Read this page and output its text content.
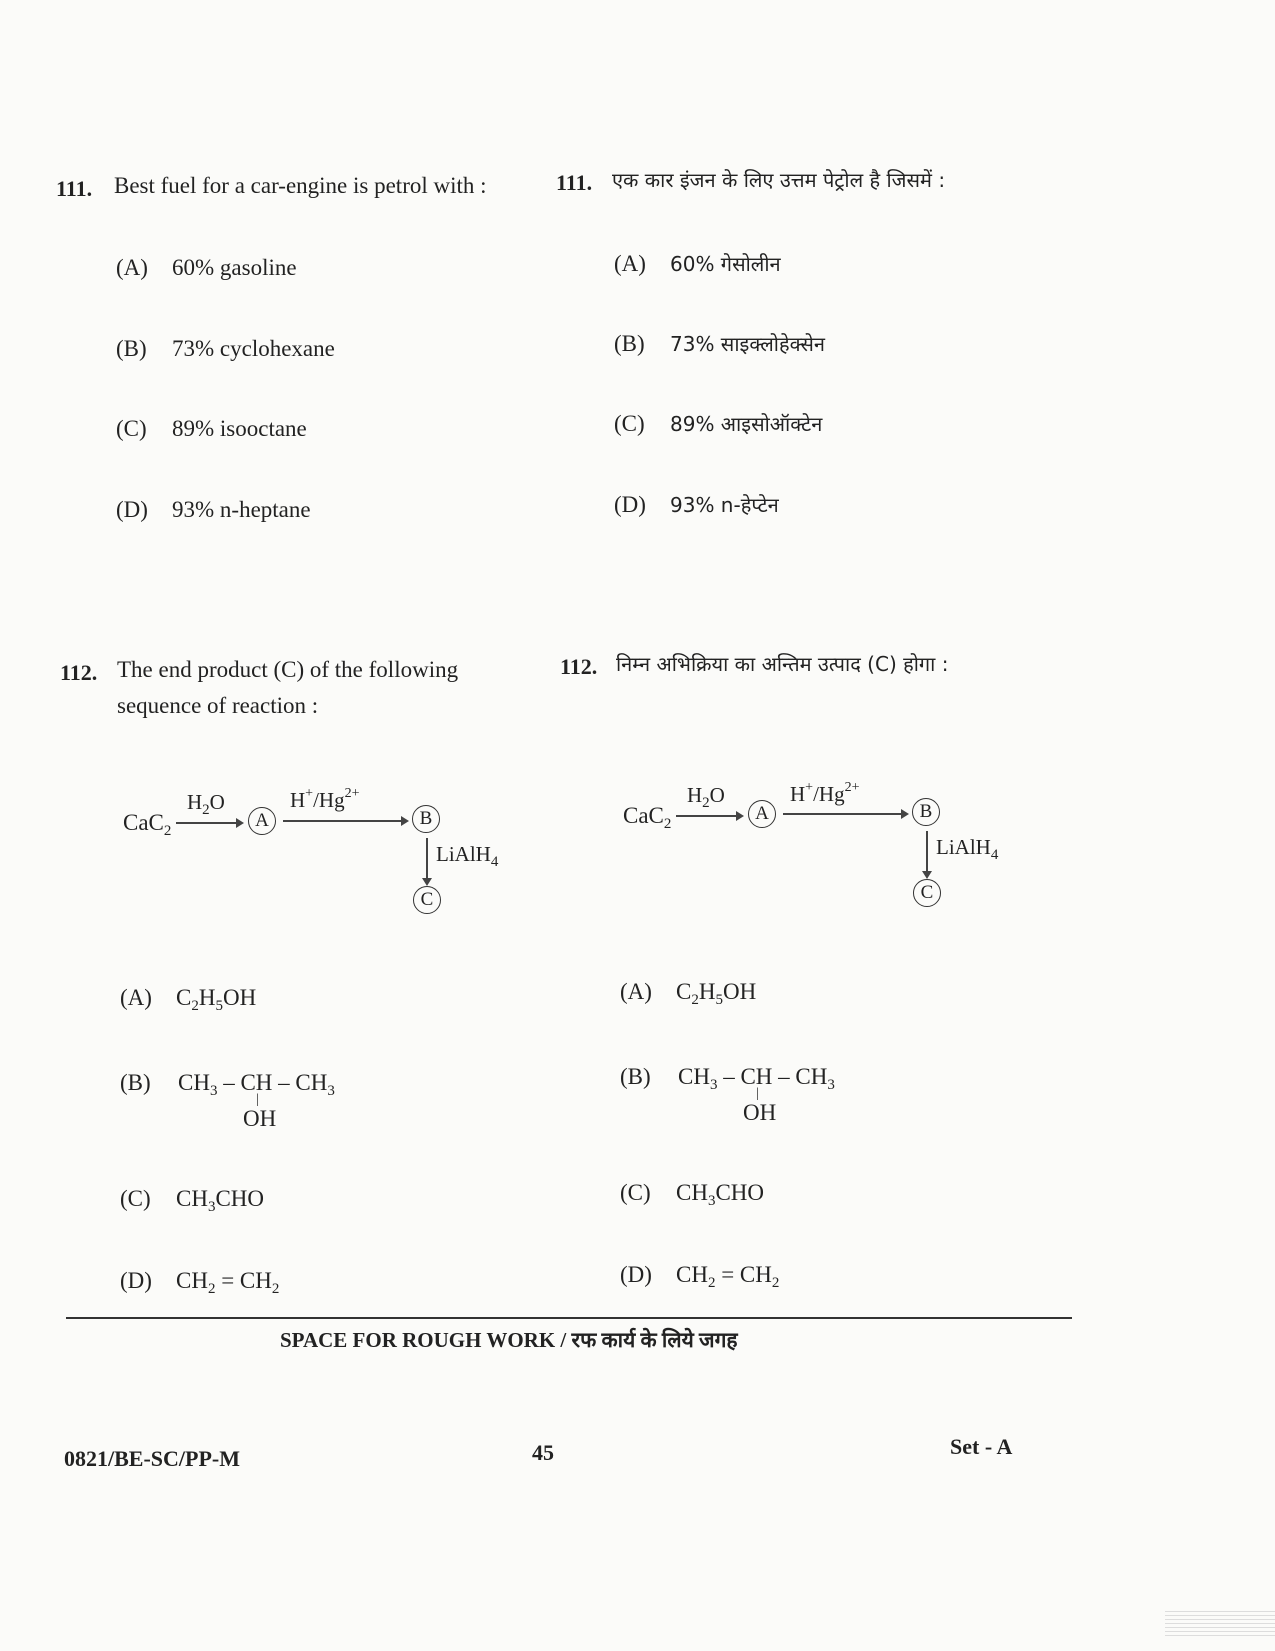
111. Best fuel for a car-engine is petrol with :
(A) 60% gasoline
(B) 73% cyclohexane
(C) 89% isooctane
(D) 93% n-heptane
111. एक कार इंजन के लिए उत्तम पेट्रोल है जिसमें :
(A) 60% गेसोलीन
(B) 73% साइक्लोहेक्सेन
(C) 89% आइसोऑक्टेन
(D) 93% n-हेप्टेन
112. The end product (C) of the following
sequence of reaction :
112. निम्न अभिक्रिया का अन्तिम उत्पाद (C) होगा :
CaC$_2$
$H_2O$
A
$H^+/Hg^{2+}$
B
LiAlH$_4$
C
CaC$_2$
$H_2O$
A
$H^+/Hg^{2+}$
B
LiAlH$_4$
C
(A) $C_2H_5OH$
(B) $CH_3$ – CH – $CH_3$
|
OH
(C) $CH_3CHO$
(D) $CH_2 = CH_2$
(A) $C_2H_5OH$
(B) $CH_3$ – CH – $CH_3$
|
OH
(C) $CH_3CHO$
(D) $CH_2 = CH_2$
SPACE FOR ROUGH WORK / रफ कार्य के लिये जगह
0821/BE-SC/PP-M	45	Set - A
